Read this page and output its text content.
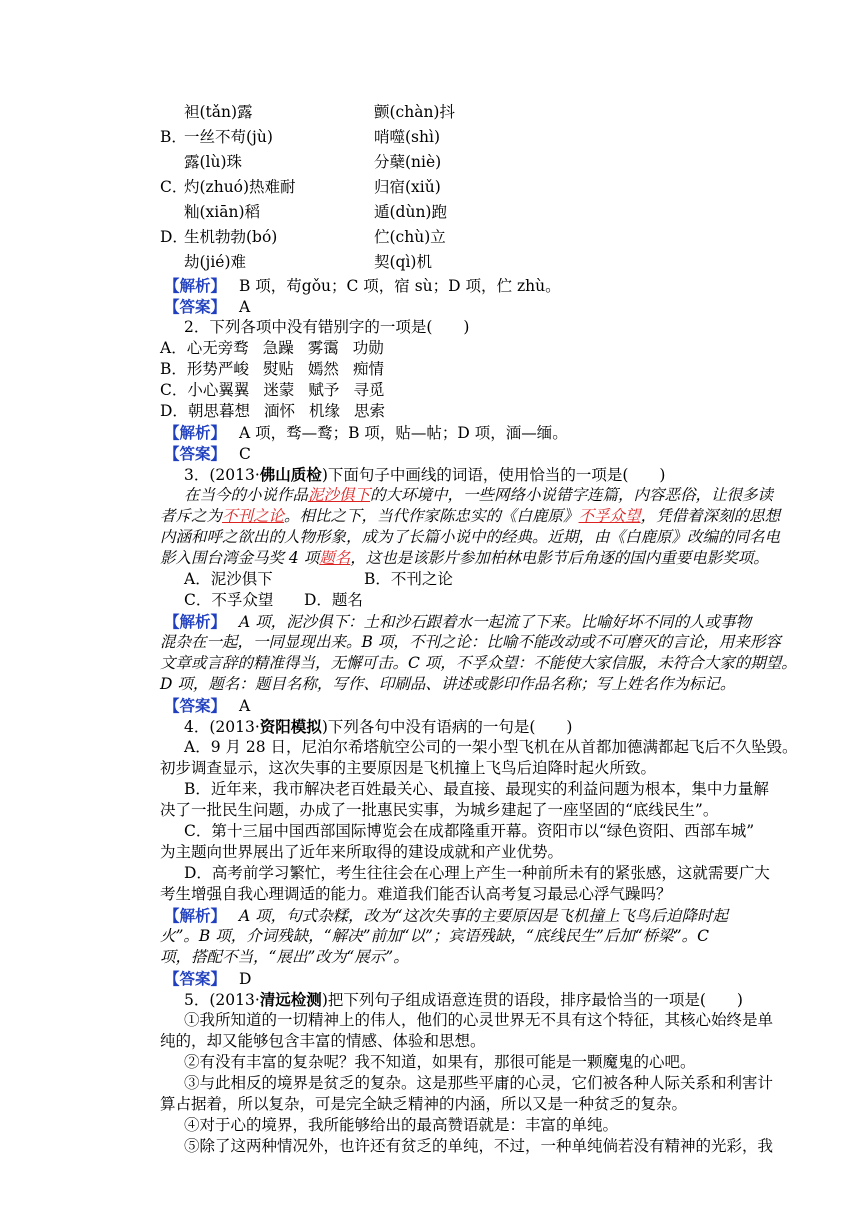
袒(tǎn)露	颤(chàn)抖
B．
一丝不苟(jù)	哨噬(shì)
露(lù)珠	分蘖(niè)
C．
灼(zhuó)热难耐	归宿(xiǔ)
籼(xiān)稻	遁(dùn)跑
D．
生机勃勃(bó)	伫(chù)立
劫(jié)难	契(qì)机
【解析】 B 项，苟gǒu；C 项，宿 sù；D 项，伫 zhù。
【答案】 A
2．下列各项中没有错别字的一项是(　　)
A．心无旁骛 急躁 雾霭 功勋
B．形势严峻 熨贴 嫣然 痴情
C．小心翼翼 迷蒙 赋予 寻觅
D．朝思暮想 湎怀 机缘 思索
【解析】 A 项，骛—鹜；B 项，贴—帖；D 项，湎—缅。
【答案】 C
3．(2013·佛山质检)下面句子中画线的词语，使用恰当的一项是(　　)
在当今的小说作品泥沙俱下的大环境中，一些网络小说错字连篇，内容恶俗，让很多读
者斥之为不刊之论。相比之下，当代作家陈忠实的《白鹿原》不孚众望，凭借着深刻的思想
内涵和呼之欲出的人物形象，成为了长篇小说中的经典。近期，由《白鹿原》改编的同名电
影入围台湾金马奖 4 项题名，这也是该影片参加柏林电影节后角逐的国内重要电影奖项。
A．泥沙俱下	B．不刊之论
C．不孚众望 D．题名
【解析】 A 项，泥沙俱下：土和沙石跟着水一起流了下来。比喻好坏不同的人或事物
混杂在一起，一同显现出来。B 项，不刊之论：比喻不能改动或不可磨灭的言论，用来形容
文章或言辞的精准得当，无懈可击。C 项，不孚众望：不能使大家信服，未符合大家的期望。
D 项，题名：题目名称，写作、印刷品、讲述或影印作品名称；写上姓名作为标记。
【答案】 A
4．(2013·资阳模拟)下列各句中没有语病的一句是(　　)
A．9 月 28 日，尼泊尔希塔航空公司的一架小型飞机在从首都加德满都起飞后不久坠毁。
初步调查显示，这次失事的主要原因是飞机撞上飞鸟后迫降时起火所致。
B．近年来，我市解决老百姓最关心、最直接、最现实的利益问题为根本，集中力量解
决了一批民生问题，办成了一批惠民实事，为城乡建起了一座坚固的“底线民生”。
C．第十三届中国西部国际博览会在成都隆重开幕。资阳市以“绿色资阳、西部车城”
为主题向世界展出了近年来所取得的建设成就和产业优势。
D．高考前学习繁忙，考生往往会在心理上产生一种前所未有的紧张感，这就需要广大
考生增强自我心理调适的能力。难道我们能否认高考复习最忌心浮气躁吗？
【解析】 A 项，句式杂糅，改为“这次失事的主要原因是飞机撞上飞鸟后迫降时起
火”。B 项，介词残缺，“解决”前加“以”；宾语残缺，“底线民生”后加“桥梁”。C
项，搭配不当，“展出”改为“展示”。
【答案】 D
5．(2013·清远检测)把下列句子组成语意连贯的语段，排序最恰当的一项是(　　)
①我所知道的一切精神上的伟人，他们的心灵世界无不具有这个特征，其核心始终是单
纯的，却又能够包含丰富的情感、体验和思想。
②有没有丰富的复杂呢？我不知道，如果有，那很可能是一颗魔鬼的心吧。
③与此相反的境界是贫乏的复杂。这是那些平庸的心灵，它们被各种人际关系和利害计
算占据着，所以复杂，可是完全缺乏精神的内涵，所以又是一种贫乏的复杂。
④对于心的境界，我所能够给出的最高赞语就是：丰富的单纯。
⑤除了这两种情况外，也许还有贫乏的单纯，不过，一种单纯倘若没有精神的光彩，我
